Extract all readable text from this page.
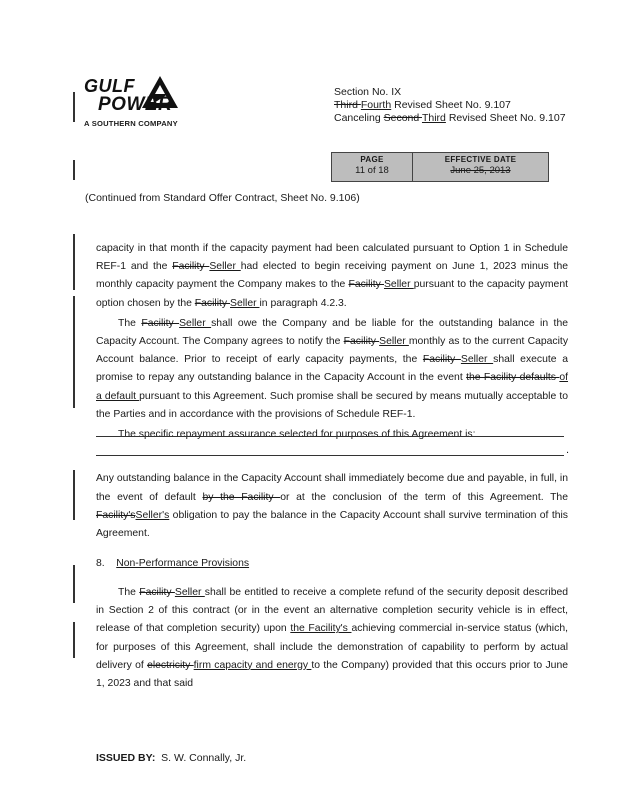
GULF
POWER
A SOUTHERN COMPANY
Section No. IX
Third Fourth Revised Sheet No. 9.107
Canceling Second Third Revised Sheet No. 9.107
PAGE
11 of 18
EFFECTIVE DATE
June 25, 2013
(Continued from Standard Offer Contract, Sheet No. 9.106)

capacity in that month if the capacity payment had been calculated pursuant to Option 1 in Schedule REF-1 and the Facility Seller had elected to begin receiving payment on June 1, 2023 minus the monthly capacity payment the Company makes to the Facility Seller pursuant to the capacity payment option chosen by the Facility Seller in paragraph 4.2.3.

The Facility Seller shall owe the Company and be liable for the outstanding balance in the Capacity Account. The Company agrees to notify the Facility Seller monthly as to the current Capacity Account balance. Prior to receipt of early capacity payments, the Facility Seller shall execute a promise to repay any outstanding balance in the Capacity Account in the event the Facility defaults of a default pursuant to this Agreement. Such promise shall be secured by means mutually acceptable to the Parties and in accordance with the provisions of Schedule REF-1.

The specific repayment assurance selected for purposes of this Agreement is:

.

Any outstanding balance in the Capacity Account shall immediately become due and payable, in full, in the event of default by the Facility or at the conclusion of the term of this Agreement. The Facility'sSeller's obligation to pay the balance in the Capacity Account shall survive termination of this Agreement.

8. Non-Performance Provisions

The Facility Seller shall be entitled to receive a complete refund of the security deposit described in Section 2 of this contract (or in the event an alternative completion security vehicle is in effect, release of that completion security) upon the Facility's achieving commercial in-service status (which, for purposes of this Agreement, shall include the demonstration of capability to perform by actual delivery of electricity firm capacity and energy to the Company) provided that this occurs prior to June 1, 2023 and that said

ISSUED BY: S. W. Connally, Jr.
